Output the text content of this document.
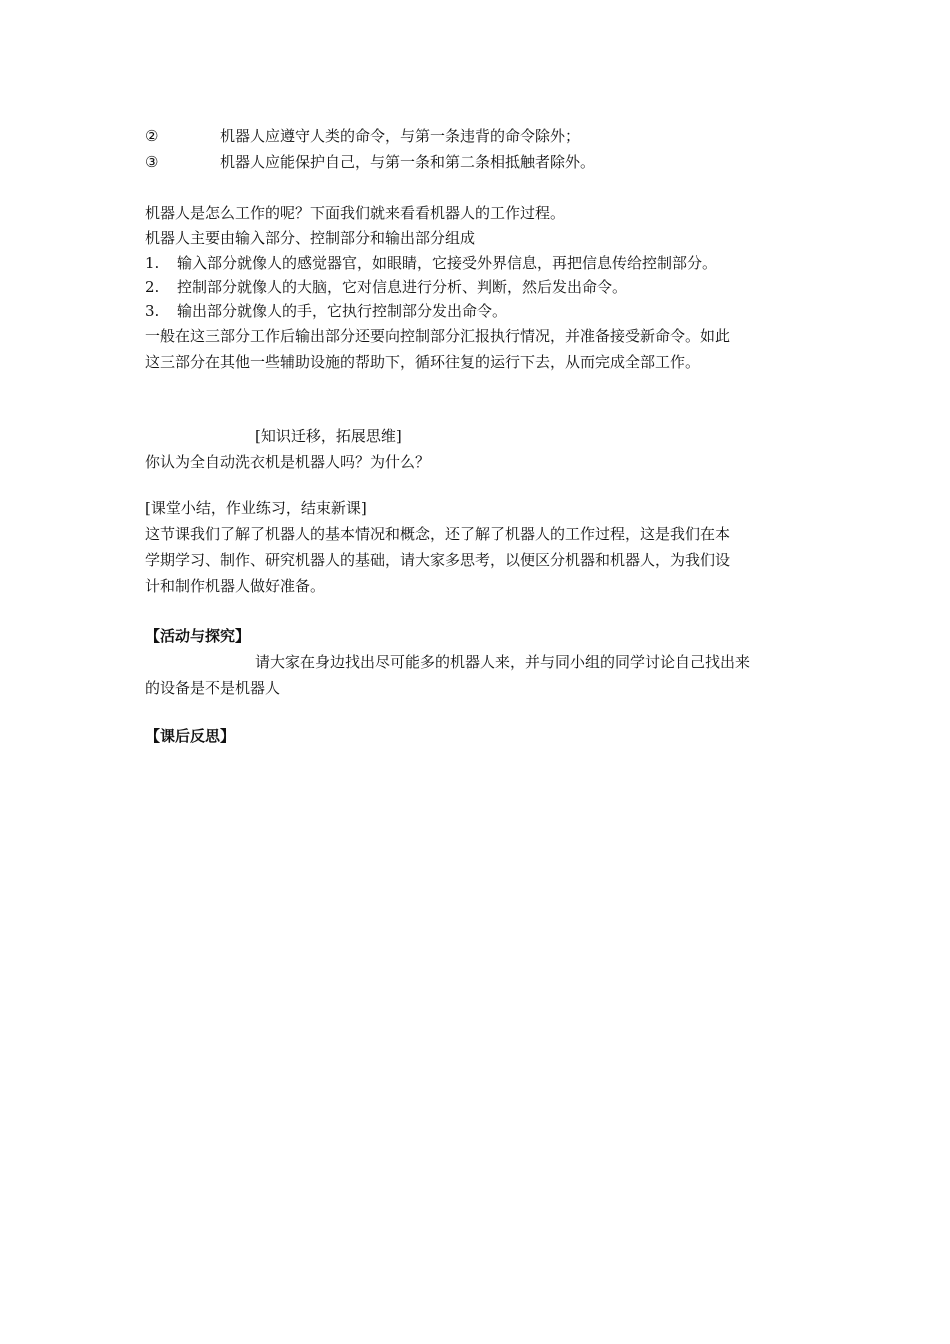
②	机器人应遵守人类的命令，与第一条违背的命令除外；
③	机器人应能保护自己，与第一条和第二条相抵触者除外。
机器人是怎么工作的呢？下面我们就来看看机器人的工作过程。
机器人主要由输入部分、控制部分和输出部分组成
1. 输入部分就像人的感觉器官，如眼睛，它接受外界信息，再把信息传给控制部分。
2. 控制部分就像人的大脑，它对信息进行分析、判断，然后发出命令。
3. 输出部分就像人的手，它执行控制部分发出命令。
一般在这三部分工作后输出部分还要向控制部分汇报执行情况，并准备接受新命令。如此
这三部分在其他一些辅助设施的帮助下，循环往复的运行下去，从而完成全部工作。
[知识迁移，拓展思维]
你认为全自动洗衣机是机器人吗？为什么？
[课堂小结，作业练习，结束新课]
这节课我们了解了机器人的基本情况和概念，还了解了机器人的工作过程，这是我们在本
学期学习、制作、研究机器人的基础，请大家多思考，以便区分机器和机器人，为我们设
计和制作机器人做好准备。
【活动与探究】
请大家在身边找出尽可能多的机器人来，并与同小组的同学讨论自己找出来
的设备是不是机器人
【课后反思】
